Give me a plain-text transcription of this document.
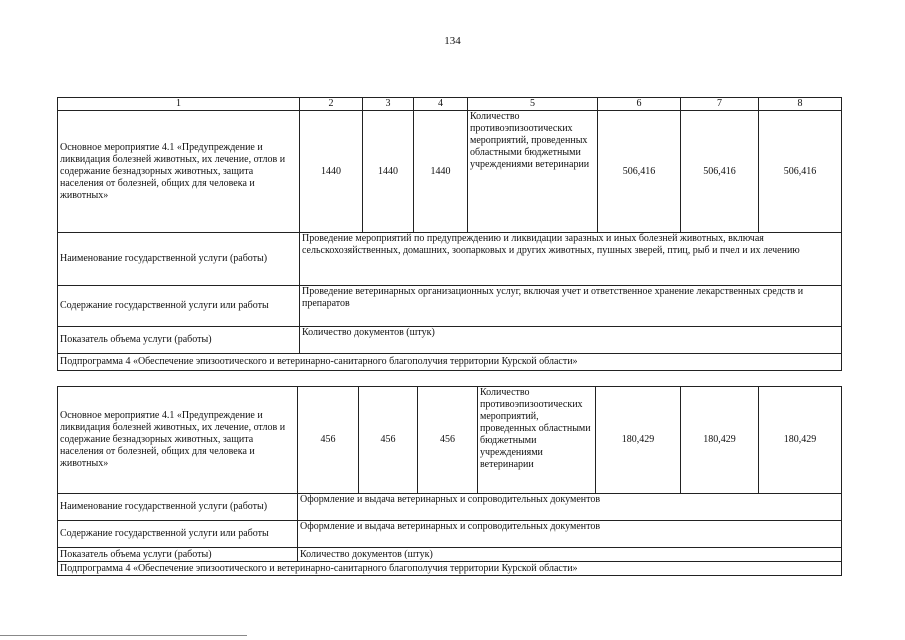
134
1	2	3	4	5	6	7	8
Основное мероприятие 4.1 «Предупреждение и ликвидация болезней животных, их лечение, отлов и содержание безнадзорных животных, защита населения от болезней, общих для человека и животных»	1440	1440	1440	Количество противоэпизоотических мероприятий, проведенных областными бюджетными учреждениями ветеринарии	506,416	506,416	506,416
Наименование государственной услуги (работы)	Проведение мероприятий по предупреждению и ликвидации заразных и иных болезней животных, включая сельскохозяйственных, домашних, зоопарковых и других животных, пушных зверей, птиц, рыб и пчел и их лечению						
Содержание государственной услуги или работы	Проведение ветеринарных организационных услуг, включая учет и ответственное хранение лекарственных средств и препаратов						
Показатель объема услуги (работы)	Количество документов (штук)						
Подпрограмма 4 «Обеспечение эпизоотического и ветеринарно-санитарного благополучия территории Курской области»							
Основное мероприятие 4.1 «Предупреждение и ликвидация болезней животных, их лечение, отлов и содержание безнадзорных животных, защита населения от болезней, общих для человека и животных»	456	456	456	Количество противоэпизоотических мероприятий, проведенных областными бюджетными учреждениями ветеринарии	180,429	180,429	180,429
Наименование государственной услуги (работы)	Оформление и выдача ветеринарных и сопроводительных документов						
Содержание государственной услуги или работы	Оформление и выдача ветеринарных и сопроводительных документов						
Показатель объема услуги (работы)	Количество документов (штук)						
Подпрограмма 4 «Обеспечение эпизоотического и ветеринарно-санитарного благополучия территории Курской области»							
